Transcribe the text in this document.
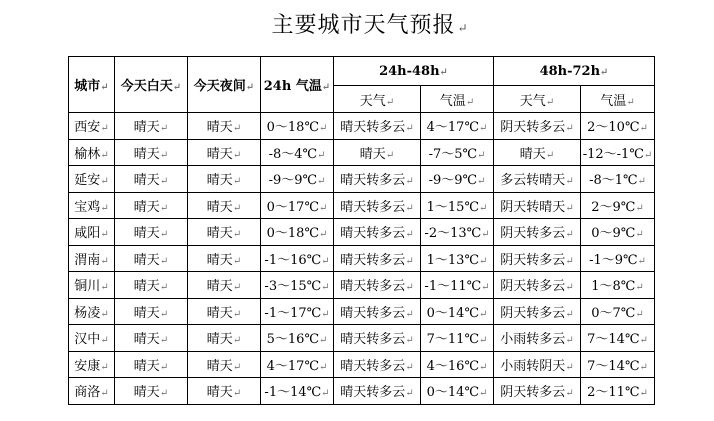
主要城市天气预报 ↵
城市↵	今天白天↵	今天夜间↵	24h 气温↵	24h-48h↵		48h-72h↵	
				天气↵	气温↵	天气↵	气温↵
西安↵	晴天↵	晴天↵	0～18℃↵	晴天转多云↵	4～17℃↵	阴天转多云↵	2～10℃↵
榆林↵	晴天↵	晴天↵	-8～4℃↵	晴天↵	-7～5℃↵	晴天↵	-12～-1℃↵
延安↵	晴天↵	晴天↵	-9～9℃↵	晴天转多云↵	-9～9℃↵	多云转晴天↵	-8～1℃↵
宝鸡↵	晴天↵	晴天↵	0～17℃↵	晴天转多云↵	1～15℃↵	阴天转晴天↵	2～9℃↵
咸阳↵	晴天↵	晴天↵	0～18℃↵	晴天转多云↵	-2～13℃↵	阴天转多云↵	0～9℃↵
渭南↵	晴天↵	晴天↵	-1～16℃↵	晴天转多云↵	1～13℃↵	阴天转多云↵	-1～9℃↵
铜川↵	晴天↵	晴天↵	-3～15℃↵	晴天转多云↵	-1～11℃↵	阴天转多云↵	1～8℃↵
杨凌↵	晴天↵	晴天↵	-1～17℃↵	晴天转多云↵	0～14℃↵	阴天转多云↵	0～7℃↵
汉中↵	晴天↵	晴天↵	5～16℃↵	晴天转多云↵	7～11℃↵	小雨转多云↵	7～14℃↵
安康↵	晴天↵	晴天↵	4～17℃↵	晴天转多云↵	4～16℃↵	小雨转阴天↵	7～14℃↵
商洛↵	晴天↵	晴天↵	-1～14℃↵	晴天转多云↵	0～14℃↵	阴天转多云↵	2～11℃↵
